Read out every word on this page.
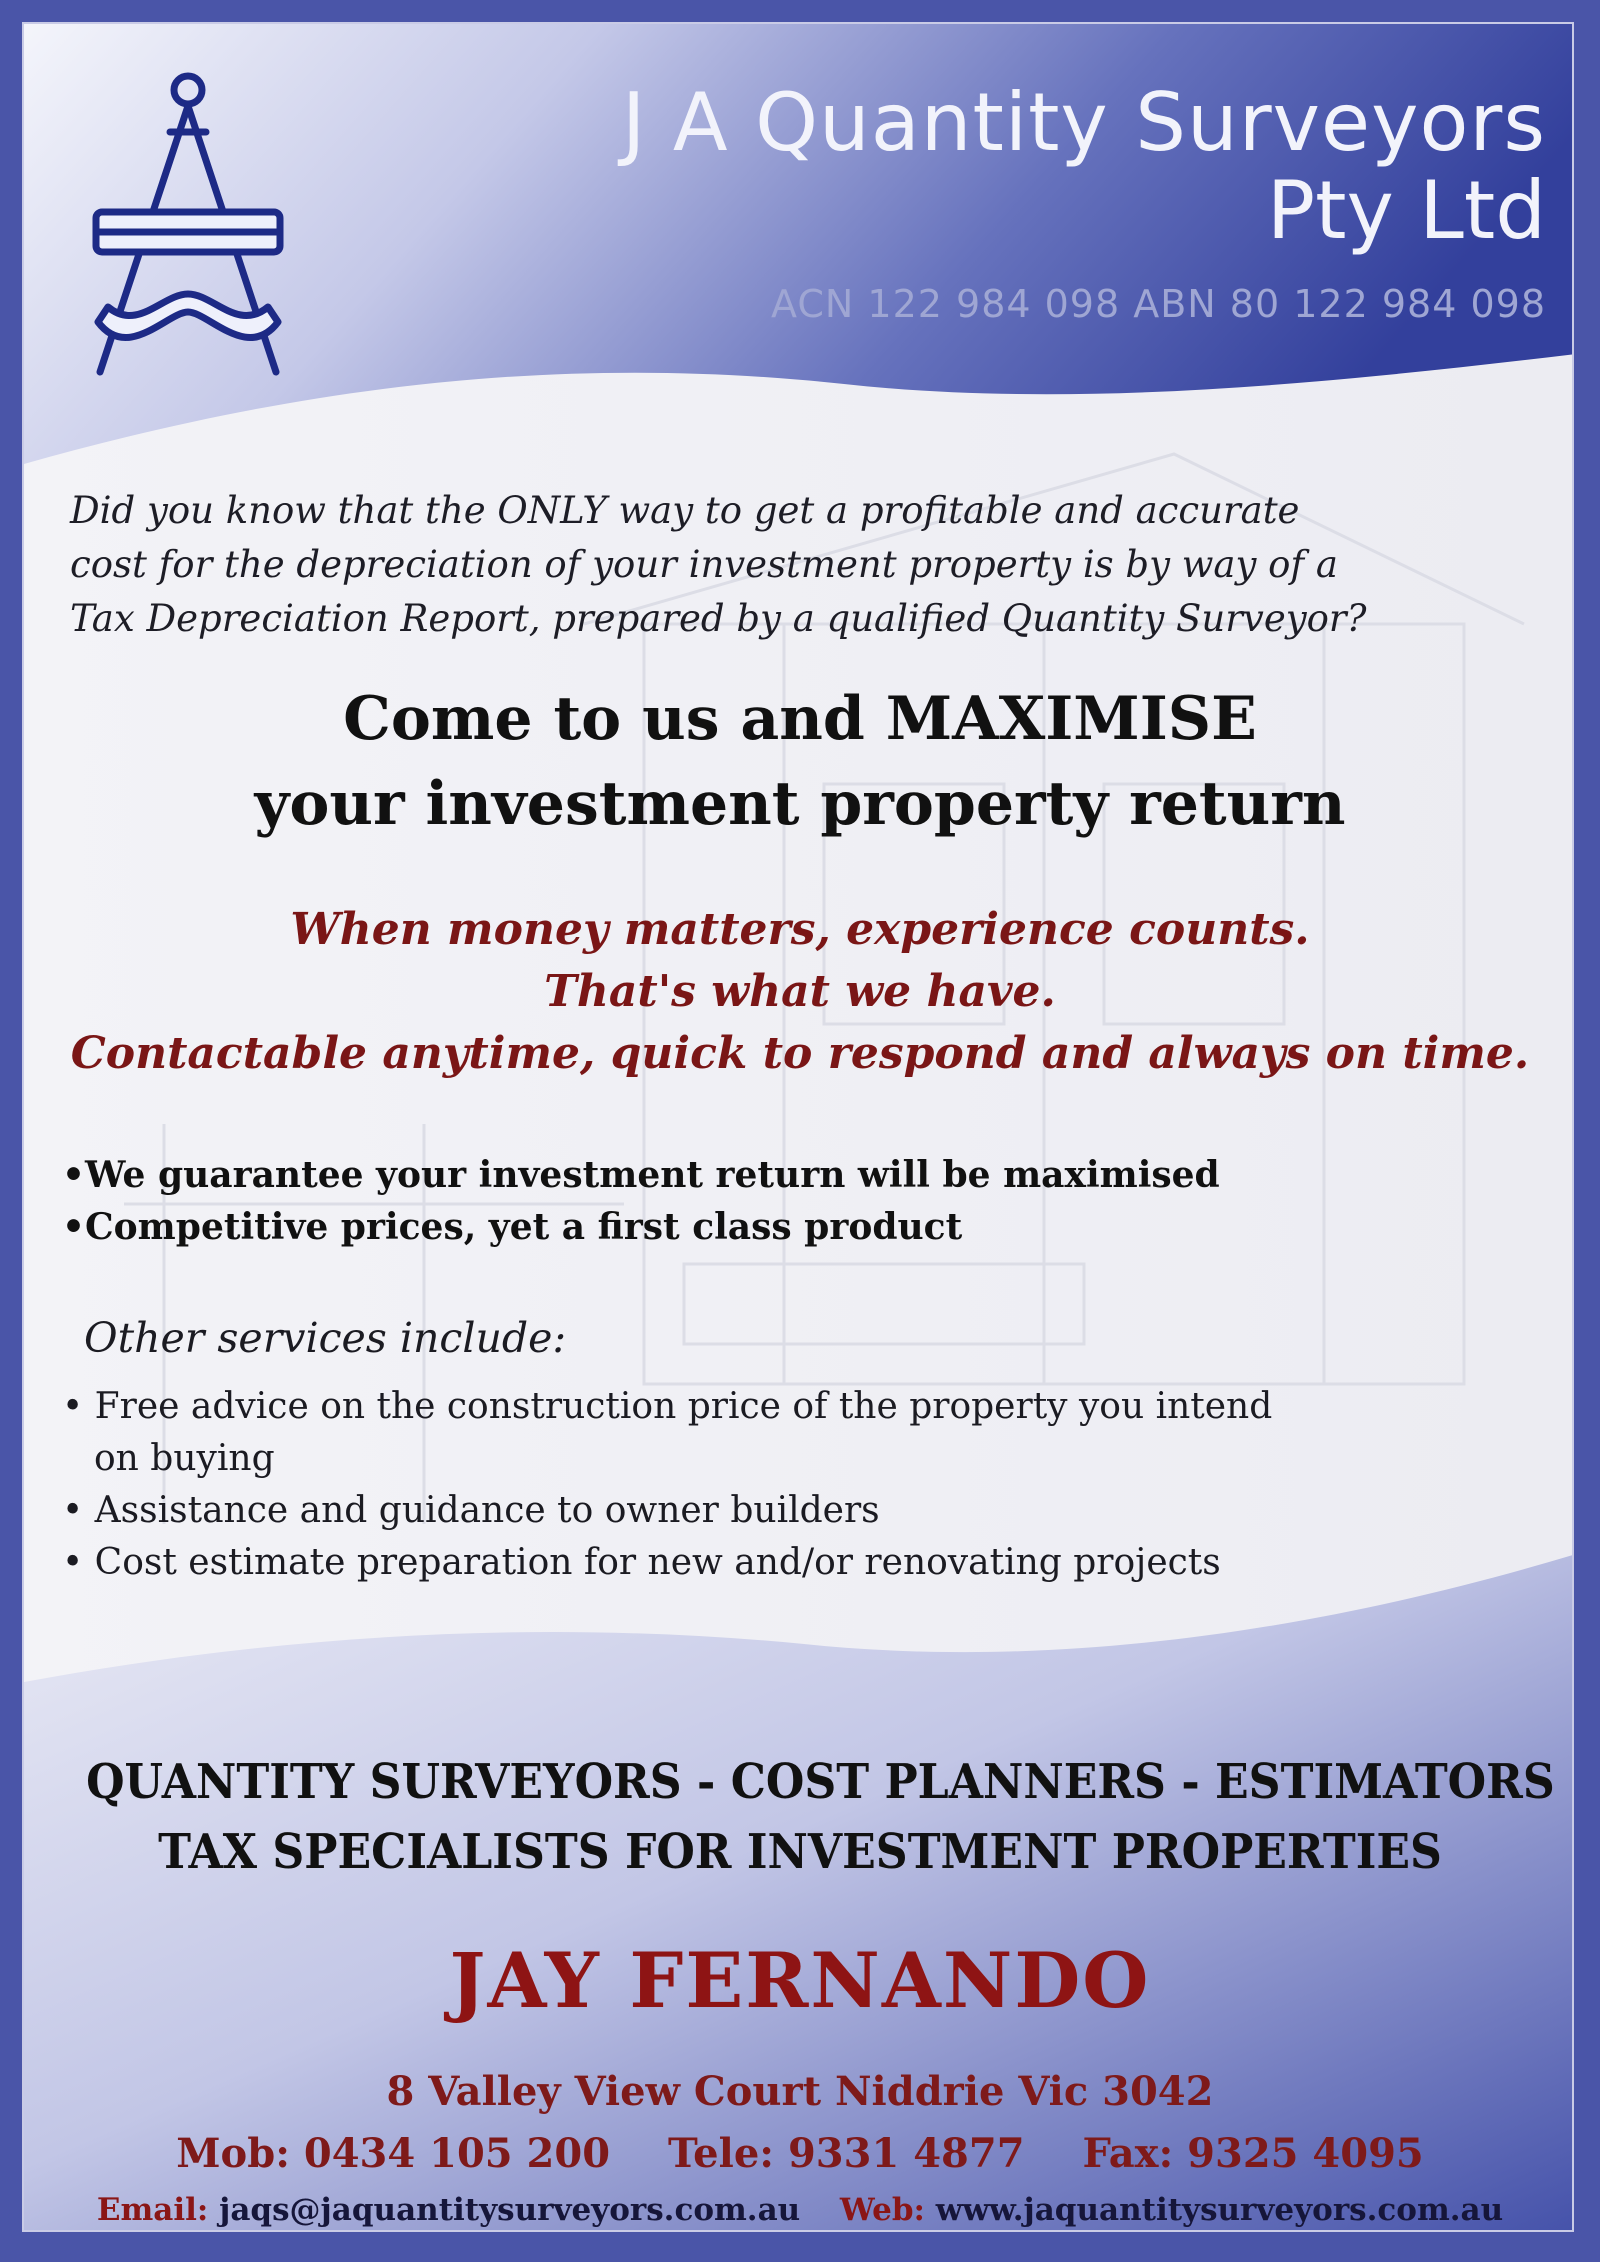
J A Quantity Surveyors

Pty Ltd

ACN 122 984 098 ABN 80 122 984 098

Did you know that the ONLY way to get a profitable and accurate
cost for the depreciation of your investment property is by way of a
Tax Depreciation Report, prepared by a qualified Quantity Surveyor?

Come to us and MAXIMISE

your investment property return

When money matters, experience counts.

That's what we have.

Contactable anytime, quick to respond and always on time.

•We guarantee your investment return will be maximised

•Competitive prices, yet a first class product

Other services include:

• Free advice on the construction price of the property you intend

on buying

• Assistance and guidance to owner builders

• Cost estimate preparation for new and/or renovating projects

QUANTITY SURVEYORS - COST PLANNERS - ESTIMATORS

TAX SPECIALISTS FOR INVESTMENT PROPERTIES

JAY FERNANDO

8 Valley View Court Niddrie Vic 3042

Mob: 0434 105 200 Tele: 9331 4877 Fax: 9325 4095

Email: jaqs@jaquantitysurveyors.com.au Web: www.jaquantitysurveyors.com.au
